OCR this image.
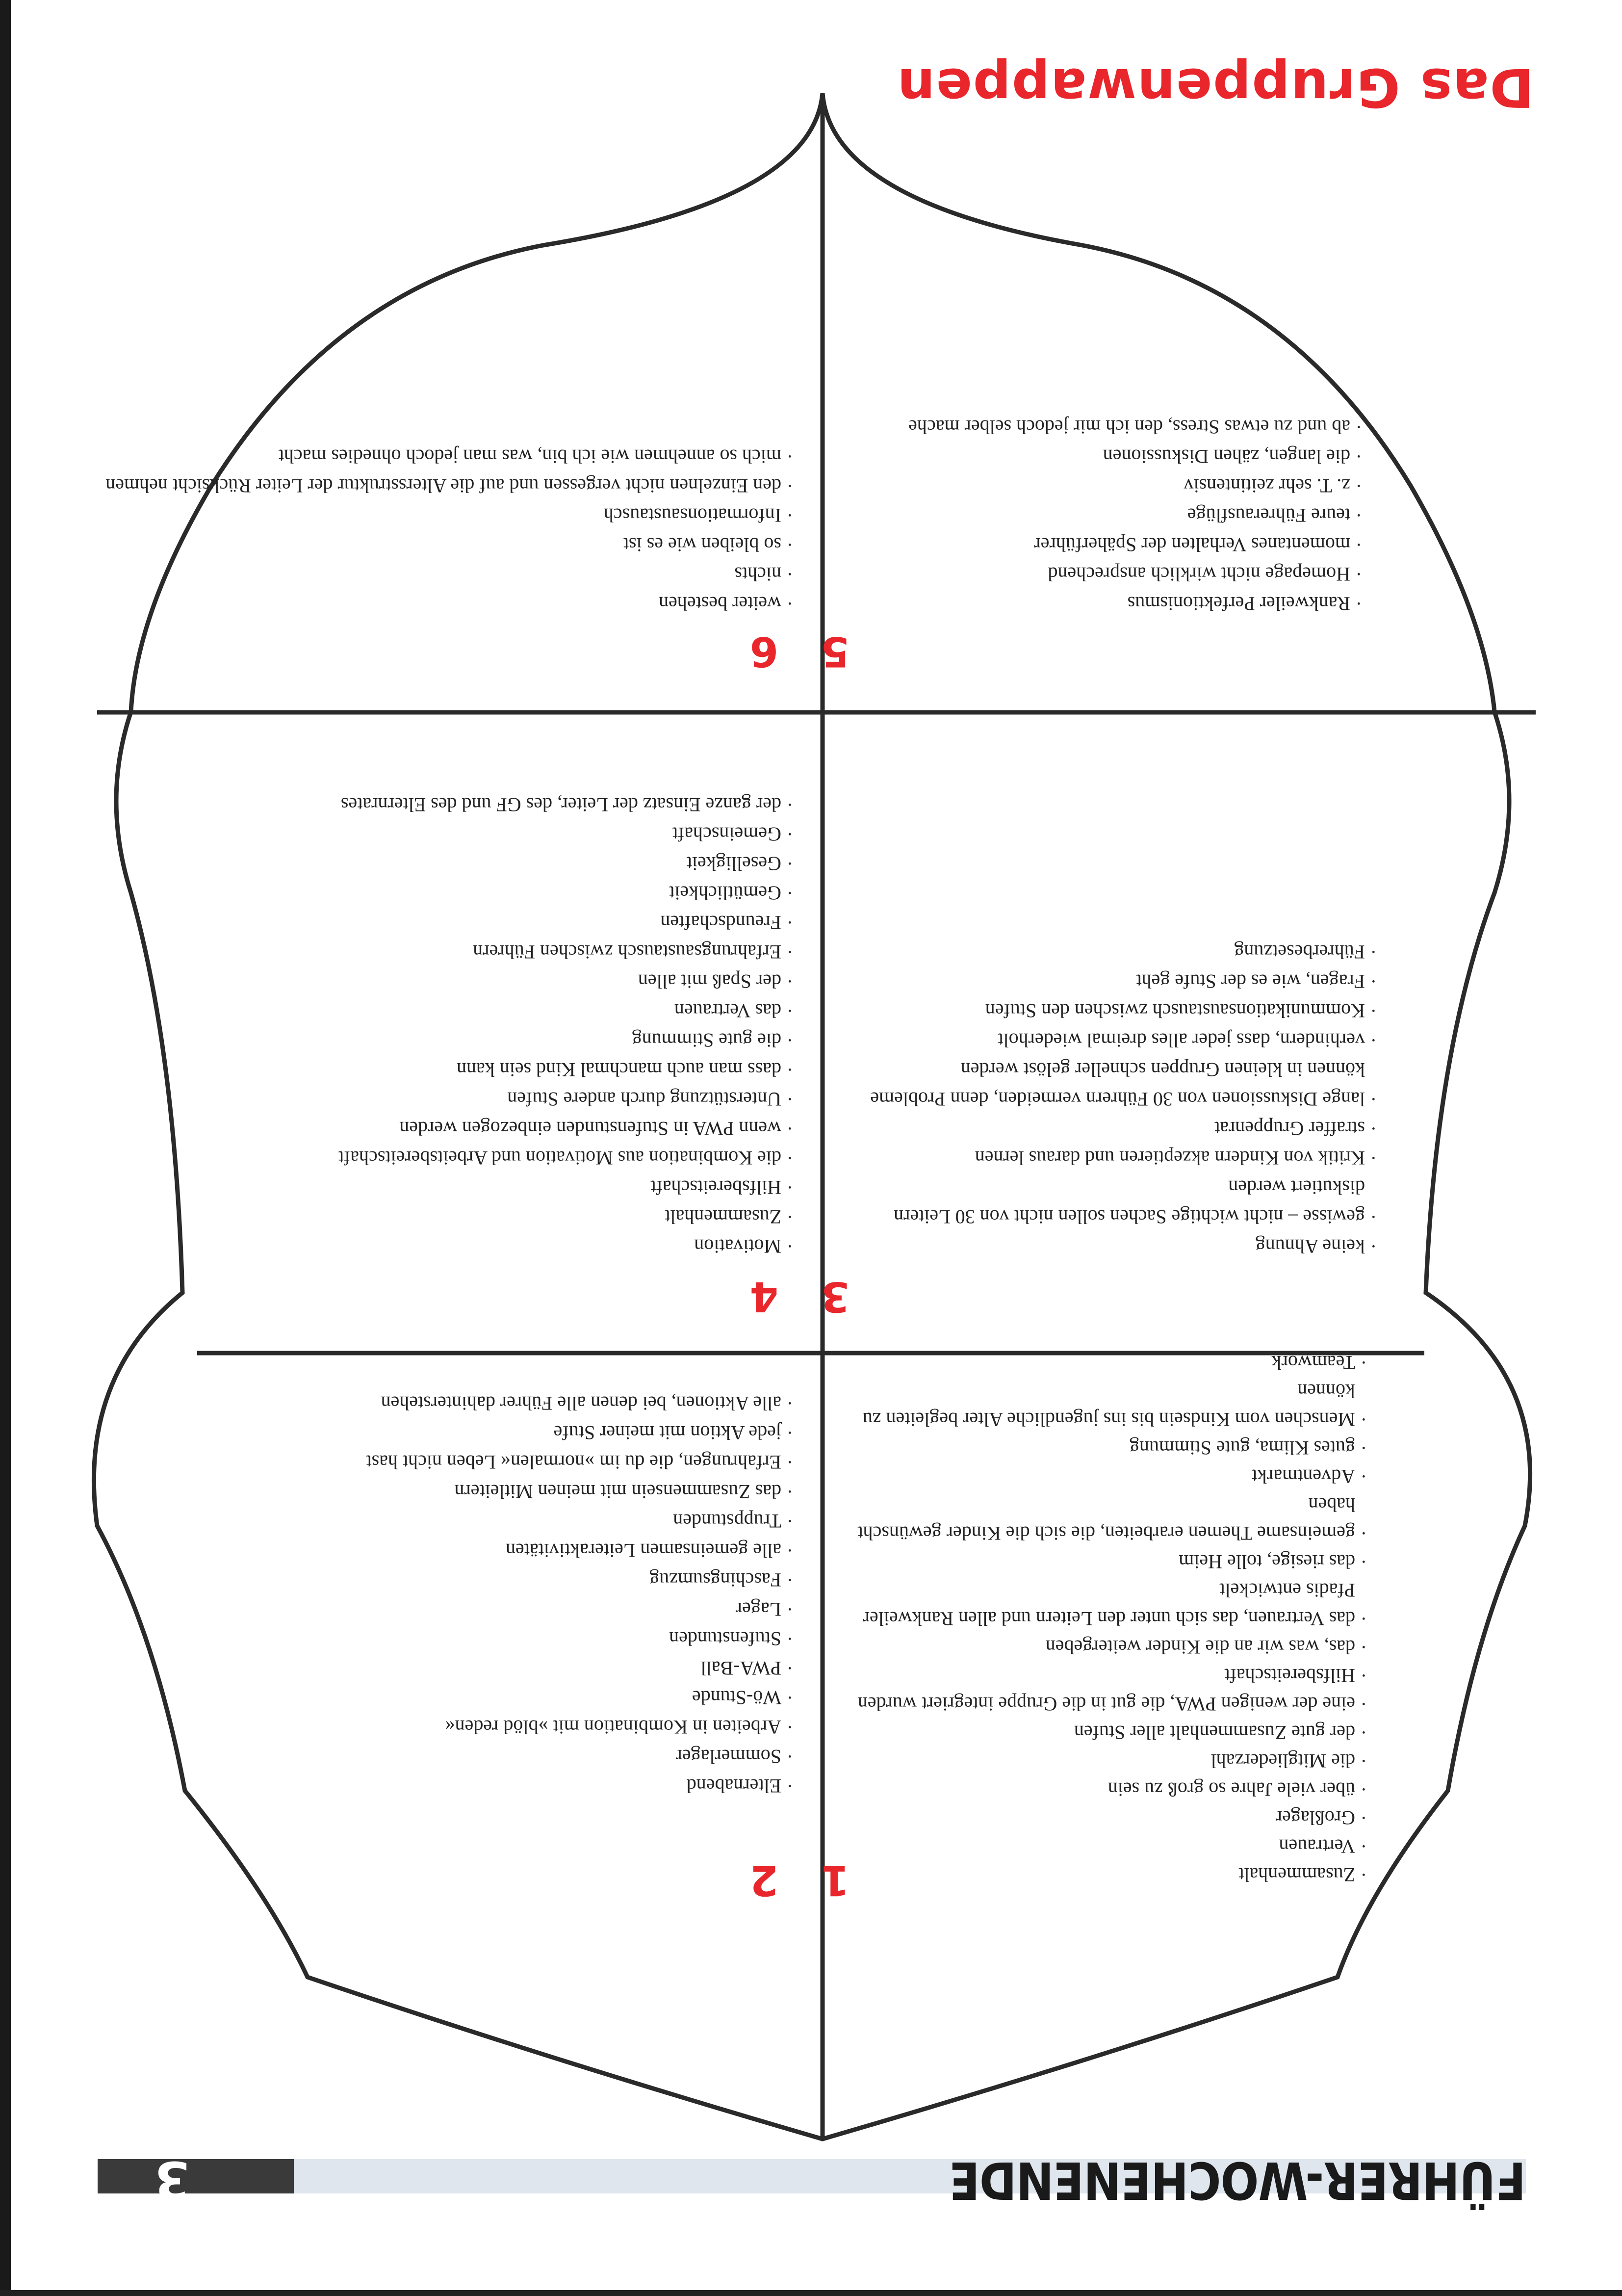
Das Gruppenwappen
5
· Rankweiler Perfektionismus
· Homepage nicht wirklich ansprechend
· momentanes Verhalten der Späherführer
· teure Führerausflüge
· z. T. sehr zeitintensiv
· die langen, zähen Diskussionen
· ab und zu etwas Stress, den ich mir jedoch selber mache
6
· weiter bestehen
· nichts
· so bleiben wie es ist
· Informationsaustausch
· den Einzelnen nicht vergessen und auf die Altersstruktur der Leiter Rücksicht nehmen
· mich so annehmen wie ich bin, was man jedoch ohnedies macht
3
· keine Ahnung
· gewisse – nicht wichtige Sachen sollen nicht von 30 Leitern diskutiert werden
· Kritik von Kindern akzeptieren und daraus lernen
· straffer Gruppenrat
· lange Diskussionen von 30 Führern vermeiden, denn Probleme können in kleinen Gruppen schneller gelöst werden
· verhindern, dass jeder alles dreimal wiederholt
· Kommunikationsaustausch zwischen den Stufen
· Fragen, wie es der Stufe geht
· Führerbesetzung
4
· Motivation
· Zusammenhalt
· Hilfsbereitschaft
· die Kombination aus Motivation und Arbeitsbereitschaft
· wenn PWA in Stufenstunden einbezogen werden
· Unterstützung durch andere Stufen
· dass man auch manchmal Kind sein kann
· die gute Stimmung
· das Vertrauen
· der Spaß mit allen
· Erfahrungsaustausch zwischen Führern
· Freundschaften
· Gemütlichkeit
· Geselligkeit
· Gemeinschaft
· der ganze Einsatz der Leiter, des GF und des Elternrates
1
·	Zusammenhalt
· Vertrauen
· Großlager
· über viele Jahre so groß zu sein
· die Mitgliederzahl
· der gute Zusammenhalt aller Stufen
· eine der wenigen PWA, die gut in die Gruppe integriert wurden
· Hilfsbereitschaft
· das, was wir an die Kinder weitergeben
· das Vertrauen, das sich unter den Leitern und allen Rankweiler Pfadis entwickelt
· das riesige, tolle Heim
· gemeinsame Themen erarbeiten, die sich die Kinder gewünscht haben
· Adventmarkt
· gutes Klima, gute Stimmung
· Menschen vom Kindsein bis ins jugendliche Alter begleiten zu können
· Teamwork
2
· Elternabend
· Sommerlager
· Arbeiten in Kombination mit »blöd reden«
· Wö-Stunde
· PWA-Ball
· Stufenstunden
· Lager
· Faschingsumzug
· alle gemeinsamen Leiteraktivitäten
· Truppstunden
· das Zusammensein mit meinen Mitleitern
· Erfahrungen, die du im »normalen« Leben nicht hast
· jede Aktion mit meiner Stufe
· alle Aktionen, bei denen alle Führer dahinterstehen
FÜHRER-WOCHENENDE
3
